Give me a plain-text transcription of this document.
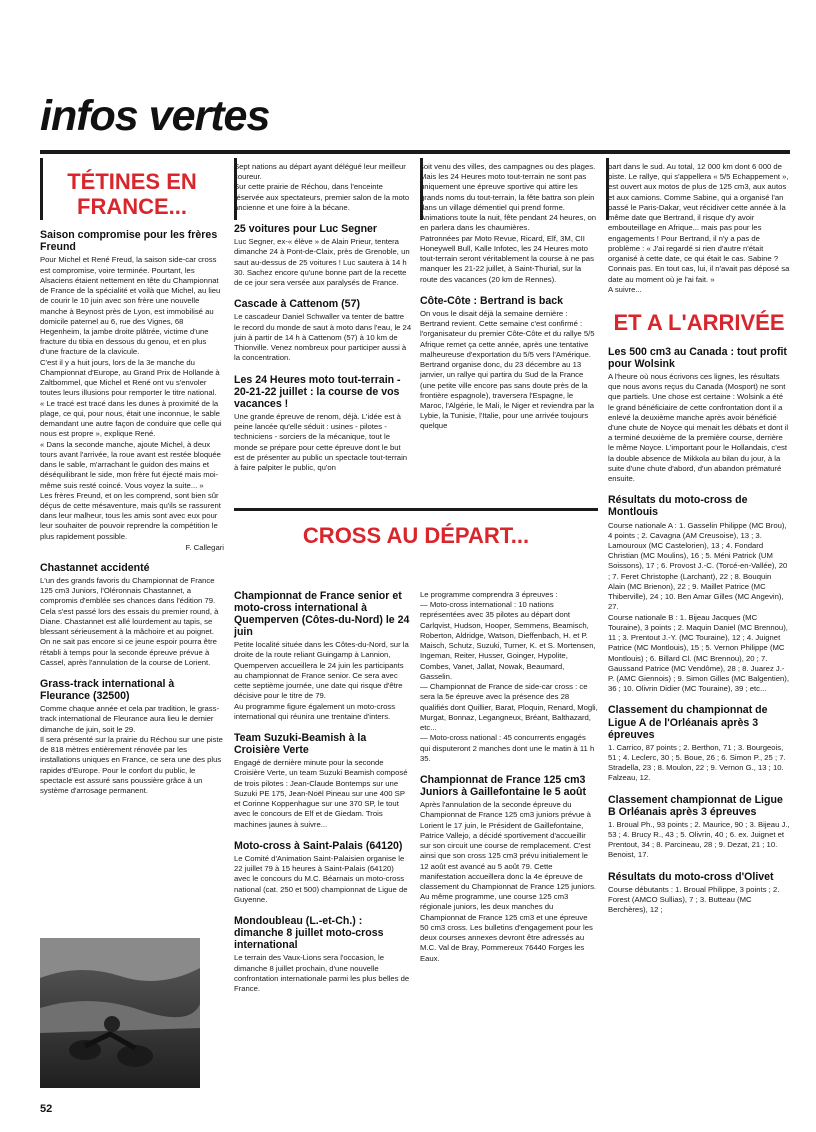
infos vertes
TÉTINES EN FRANCE...
Saison compromise pour les frères Freund

Pour Michel et René Freud, la saison side-car cross est compromise, voire terminée. Pourtant, les Alsaciens étaient nettement en tête du Championnat de France de la spécialité et voilà que Michel, au lieu de courir le 10 juin avec son frère une nouvelle manche à Beynost près de Lyon, est immobilisé au domicile paternel au 6, rue des Vignes, 68 Hegenheim, la jambe droite plâtrée, victime d'une fracture du tibia en dessous du genou, et en plus d'une fracture de la clavicule.
C'est il y a huit jours, lors de la 3e manche du Championnat d'Europe, au Grand Prix de Hollande à Zaltbommel, que Michel et René ont vu s'envoler toutes leurs illusions pour remporter le titre national.
« Le tracé est tracé dans les dunes à proximité de la plage, ce qui, pour nous, était une inconnue, le sable demandant une autre façon de conduire que celle qui nous est propre », explique René.
« Dans la seconde manche, ajoute Michel, à deux tours avant l'arrivée, la roue avant est restée bloquée dans le sable, m'arrachant le guidon des mains et déséquilibrant le side, mon frère fut éjecté mais moi-même suis resté coincé. Vous voyez la suite... »
Les frères Freund, et on les comprend, sont bien sûr déçus de cette mésaventure, mais qu'ils se rassurent dans leur malheur, tous les amis sont avec eux pour leur souhaiter de pouvoir reprendre la compétition le plus rapidement possible.

F. Callegari

Chastannet accidenté

L'un des grands favoris du Championnat de France 125 cm3 Juniors, l'Oléronnais Chastannet, a compromis d'emblée ses chances dans l'édition 79. Cela s'est passé lors des essais du premier round, à Diane. Chastannet est allé lourdement au tapis, se blessant sérieusement à la mâchoire et au poignet. On ne sait pas encore si ce jeune espoir pourra être rétabli à temps pour la seconde épreuve prévue à Cassel, après l'annulation de la course de Lorient.

Grass-track international à Fleurance (32500)

Comme chaque année et cela par tradition, le grass-track international de Fleurance aura lieu le dernier dimanche de juin, soit le 29.
Il sera présenté sur la prairie du Réchou sur une piste de 818 mètres entièrement rénovée par les installations uniques en France, ce sera une des plus rapides d'Europe. Pour le confort du public, le spectacle est assuré sans poussière grâce à un système d'arrosage permanent.

52

Sept nations au départ ayant délégué leur meilleur coureur.
Sur cette prairie de Réchou, dans l'enceinte réservée aux spectateurs, premier salon de la moto ancienne et une foire à la bécane.

25 voitures pour Luc Segner

Luc Segner, ex-« élève » de Alain Prieur, tentera dimanche 24 à Pont-de-Claix, près de Grenoble, un saut au-dessus de 25 voitures ! Luc sautera à 14 h 30. Sachez encore qu'une bonne part de la recette de ce jour sera versée aux paralysés de France.

Cascade à Cattenom (57)

Le cascadeur Daniel Schwaller va tenter de battre le record du monde de saut à moto dans l'eau, le 24 juin à partir de 14 h à Cattenom (57) à 10 km de Thionville. Venez nombreux pour participer aussi à la concentration.

Les 24 Heures moto tout-terrain - 20-21-22 juillet : la course de vos vacances !

Une grande épreuve de renom, déjà. L'idée est à peine lancée qu'elle séduit : usines - pilotes - techniciens - sorciers de la mécanique, tout le monde se prépare pour cette épreuve dont le but est de présenter au public un spectacle tout-terrain à faire palpiter le public, qu'on

soit venu des villes, des campagnes ou des plages.
Mais les 24 Heures moto tout-terrain ne sont pas uniquement une épreuve sportive qui attire les grands noms du tout-terrain, la fête battra son plein dans un village démentiel qui prend forme. Animations toute la nuit, fête pendant 24 heures, on en parlera dans les chaumières.
Patronnées par Moto Revue, Ricard, Elf, 3M, CII Honeywell Bull, Kalle Infotec, les 24 Heures moto tout-terrain seront véritablement la course à ne pas manquer les 21-22 juillet, à Saint-Thurial, sur la route des vacances (20 km de Rennes).

Côte-Côte : Bertrand is back

On vous le disait déjà la semaine dernière : Bertrand revient. Cette semaine c'est confirmé : l'organisateur du premier Côte-Côte et du rallye 5/5 Afrique remet ça cette année, après une tentative malheureuse d'exportation du 5/5 vers l'Amérique.
Bertrand organise donc, du 23 décembre au 13 janvier, un rallye qui partira du Sud de la France (une petite ville encore pas sans doute près de la frontière espagnole), traversera l'Espagne, le Maroc, l'Algérie, le Mali, le Niger et reviendra par la Lybie, la Tunisie, l'Italie, pour une arrivée toujours quelque

part dans le sud. Au total, 12 000 km dont 6 000 de piste. Le rallye, qui s'appellera « 5/5 Echappement », est ouvert aux motos de plus de 125 cm3, aux autos et aux camions. Comme Sabine, qui a organisé l'an passé le Paris-Dakar, veut récidiver cette année à la même date que Bertrand, il risque d'y avoir embouteillage en Afrique... mais pas pour les engagements ! Pour Bertrand, il n'y a pas de problème : « J'ai regardé si rien d'autre n'était organisé à cette date, ce qui était le cas. Sabine ? Connais pas. En tout cas, lui, il n'avait pas déposé sa date au moment où je l'ai fait. »
A suivre...

ET A L'ARRIVÉE
Les 500 cm3 au Canada : tout profit pour Wolsink

A l'heure où nous écrivons ces lignes, les résultats que nous avons reçus du Canada (Mosport) ne sont que partiels. Une chose est certaine : Wolsink a été le grand bénéficiaire de cette confrontation dont il a enlevé la deuxième manche après avoir bénéficié d'une chute de Noyce qui menait les débats et dont il a terminé deuxième de la première course, derrière le même Noyce. L'important pour le Hollandais, c'est la double absence de Mikkola au bilan du jour, à la suite d'une chute d'abord, d'un abandon prématuré ensuite.

Résultats du moto-cross de Montlouis

Course nationale A : 1. Gasselin Philippe (MC Brou), 4 points ; 2. Cavagna (AM Creusoise), 13 ; 3. Lamouroux (MC Castelorien), 13 ; 4. Fondard Christian (MC Moulins), 16 ; 5. Méni Patrick (UM Soissons), 17 ; 6. Provost J.-C. (Torcé-en-Vallée), 20 ; 7. Feret Christophe (Larchant), 22 ; 8. Bouquin Alain (MC Brienon), 22 ; 9. Maillet Patrice (MC Thiberville), 24 ; 10. Ben Amar Gilles (MC Angevin), 27.
Course nationale B : 1. Bijeau Jacques (MC Touraine), 3 points ; 2. Maquin Daniel (MC Brennou), 11 ; 3. Prentout J.-Y. (MC Touraine), 12 ; 4. Juignet Patrice (MC Montlouis), 15 ; 5. Vernon Philippe (MC Montlouis) ; 6. Billard Cl. (MC Brennou), 20 ; 7. Gaussand Patrice (MC Vendôme), 28 ; 8. Juarez J.-P. (AMC Giennois) ; 9. Simon Gilles (MC Balgentien), 36 ; 10. Olivrin Didier (MC Touraine), 39 ; etc...

Classement du championnat de Ligue A de l'Orléanais après 3 épreuves

1. Carrico, 87 points ; 2. Berthon, 71 ; 3. Bourgeois, 51 ; 4. Leclerc, 30 ; 5. Boue, 26 ; 6. Simon P., 25 ; 7. Stradella, 23 ; 8. Moulon, 22 ; 9. Vernon G., 13 ; 10. Falzeau, 12.

Classement championnat de Ligue B Orléanais après 3 épreuves

1. Broual Ph., 93 points ; 2. Maurice, 90 ; 3. Bijeau J., 53 ; 4. Brucy R., 43 ; 5. Olivrin, 40 ; 6. ex. Juignet et Prentout, 34 ; 8. Parcineau, 28 ; 9. Dezat, 21 ; 10. Benoist, 17.

Résultats du moto-cross d'Olivet

Course débutants : 1. Broual Philippe, 3 points ; 2. Forest (AMCO Sullias), 7 ; 3. Butteau (MC Berchères), 12 ;

CROSS AU DÉPART...
Championnat de France senior et moto-cross international à Quemperven (Côtes-du-Nord) le 24 juin

Petite localité située dans les Côtes-du-Nord, sur la droite de la route reliant Guingamp à Lannion, Quemperven accueillera le 24 juin les participants au championnat de France senior. Ce sera avec cette septième journée, une date qui risque d'être décisive pour le titre de 79.
Au programme figure également un moto-cross international qui réunira une trentaine d'inters.

Team Suzuki-Beamish à la Croisière Verte

Engagé de dernière minute pour la seconde Croisière Verte, un team Suzuki Beamish composé de trois pilotes : Jean-Claude Bontemps sur une Suzuki PE 175, Jean-Noël Pineau sur une 400 SP et Corinne Koppenhague sur une 370 SP, le tout avec le concours de Elf et de Giedam. Trois machines jaunes à suivre...

Moto-cross à Saint-Palais (64120)

Le Comité d'Animation Saint-Palaisien organise le 22 juillet 79 à 15 heures à Saint-Palais (64120) avec le concours du M.C. Béarnais un moto-cross national (cat. 250 et 500) championnat de Ligue de Guyenne.

Mondoubleau (L.-et-Ch.) : dimanche 8 juillet moto-cross international

Le terrain des Vaux-Lions sera l'occasion, le dimanche 8 juillet prochain, d'une nouvelle confrontation internationale parmi les plus belles de France.

Le programme comprendra 3 épreuves :
— Moto-cross international : 10 nations représentées avec 35 pilotes au départ dont Carlqvist, Hudson, Hooper, Semmens, Beamisch, Roberton, Aldridge, Watson, Dieffenbach, H. et P. Maisch, Schutz, Suzuki, Turner, K. et S. Mortensen, Ingeman, Reiter, Husser, Goinger, Hypolite, Combes, Vanet, Jallat, Nowak, Beaumard, Gasselin.
— Championnat de France de side-car cross : ce sera la 5e épreuve avec la présence des 28 qualifiés dont Quillier, Barat, Ploquin, Renard, Mogli, Murgat, Bonnaz, Legangneux, Bréant, Balthazard, etc...
— Moto-cross national : 45 concurrents engagés qui disputeront 2 manches dont une le matin à 11 h 35.

Championnat de France 125 cm3 Juniors à Gaillefontaine le 5 août

Après l'annulation de la seconde épreuve du Championnat de France 125 cm3 juniors prévue à Lorient le 17 juin, le Président de Gaillefontaine, Patrice Vallejo, a décidé sportivement d'accueillir sur son circuit une course de remplacement. C'est ainsi que son cross 125 cm3 prévu initialement le 12 août est avancé au 5 août 79. Cette manifestation accueillera donc la 4e épreuve de classement du Championnat de France 125 juniors.
Au même programme, une course 125 cm3 régionale juniors, les deux manches du Championnat de France 125 cm3 et une épreuve 50 cm3 cross. Les bulletins d'engagement pour les deux courses annexes devront être adressés au M.C. Val de Bray, Pommereux 76440 Forges les Eaux.
